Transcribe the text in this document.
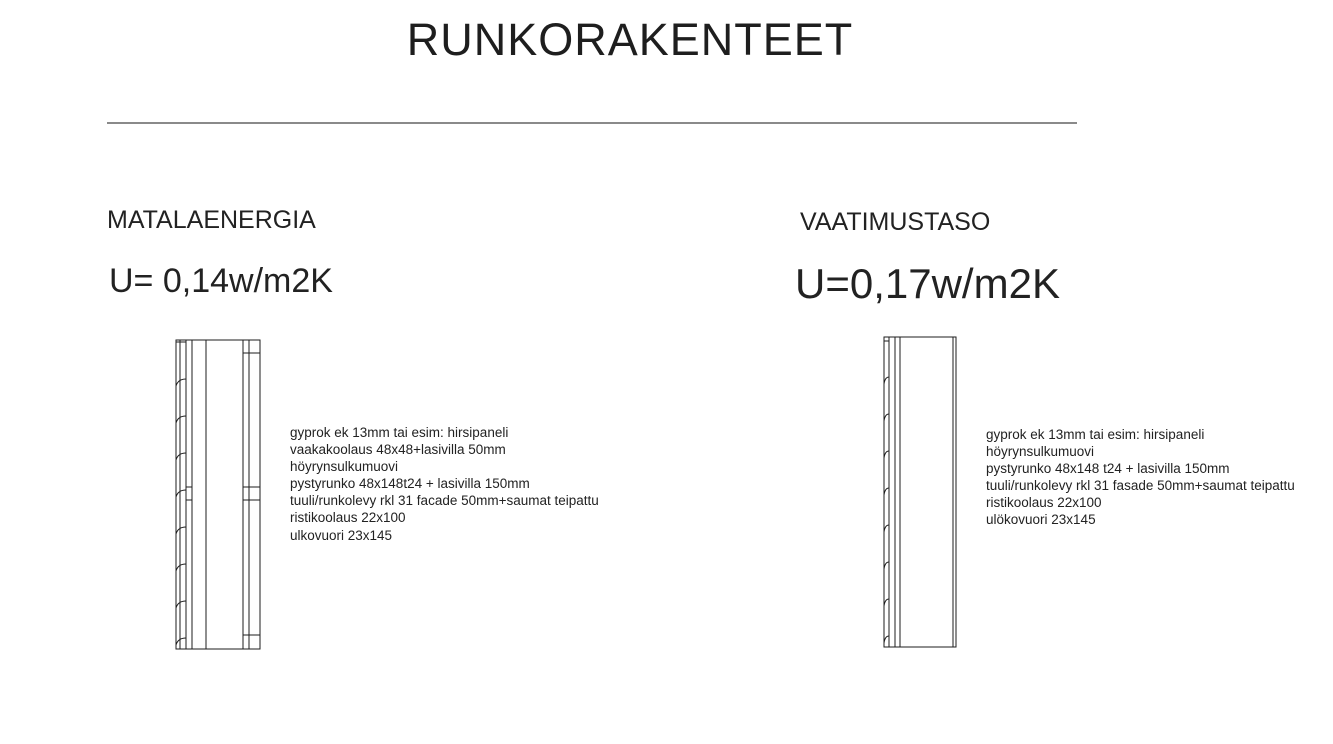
RUNKORAKENTEET
MATALAENERGIA
U= 0,14w/m2K
gyprok ek 13mm tai esim: hirsipaneli
vaakakoolaus 48x48+lasivilla 50mm
höyrynsulkumuovi
pystyrunko 48x148t24 + lasivilla 150mm
tuuli/runkolevy rkl 31 facade 50mm+saumat teipattu
ristikoolaus 22x100
ulkovuori 23x145
VAATIMUSTASO
U=0,17w/m2K
gyprok ek 13mm tai esim: hirsipaneli
höyrynsulkumuovi
pystyrunko 48x148 t24 + lasivilla 150mm
tuuli/runkolevy rkl 31 fasade 50mm+saumat teipattu
ristikoolaus 22x100
ulökovuori 23x145
